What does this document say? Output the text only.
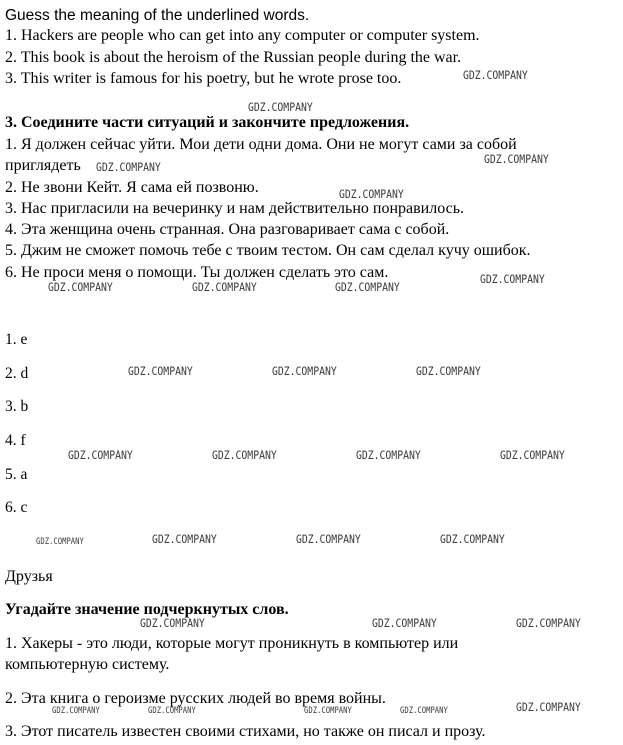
Guess the meaning of the underlined words.
1. Hackers are people who can get into any computer or computer system.
2. This book is about the heroism of the Russian people during the war.
3. This writer is famous for his poetry, but he wrote prose too.
3. Соедините части ситуаций и закончите предложения.
1. Я должен сейчас уйти. Мои дети одни дома. Они не могут сами за собой
приглядеть
2. Не звони Кейт. Я сама ей позвоню.
3. Нас пригласили на вечеринку и нам действительно понравилось.
4. Эта женщина очень странная. Она разговаривает сама с собой.
5. Джим не сможет помочь тебе с твоим тестом. Он сам сделал кучу ошибок.
6. Не проси меня о помощи. Ты должен сделать это сам.
1. e
2. d
3. b
4. f
5. a
6. c
Друзья
Угадайте значение подчеркнутых слов.
1. Хакеры - это люди, которые могут проникнуть в компьютер или
компьютерную систему.
2. Эта книга о героизме русских людей во время войны.
3. Этот писатель известен своими стихами, но также он писал и прозу.
GDZ.COMPANY
GDZ.COMPANY
GDZ.COMPANY
GDZ.COMPANY
GDZ.COMPANY
GDZ.COMPANY
GDZ.COMPANY	GDZ.COMPANY	GDZ.COMPANY
GDZ.COMPANY	GDZ.COMPANY	GDZ.COMPANY
GDZ.COMPANY	GDZ.COMPANY	GDZ.COMPANY	GDZ.COMPANY
GDZ.COMPANY	GDZ.COMPANY	GDZ.COMPANY	GDZ.COMPANY
GDZ.COMPANY	GDZ.COMPANY	GDZ.COMPANY
GDZ.COMPANY	GDZ.COMPANY	GDZ.COMPANY	GDZ.COMPANY	GDZ.COMPANY
